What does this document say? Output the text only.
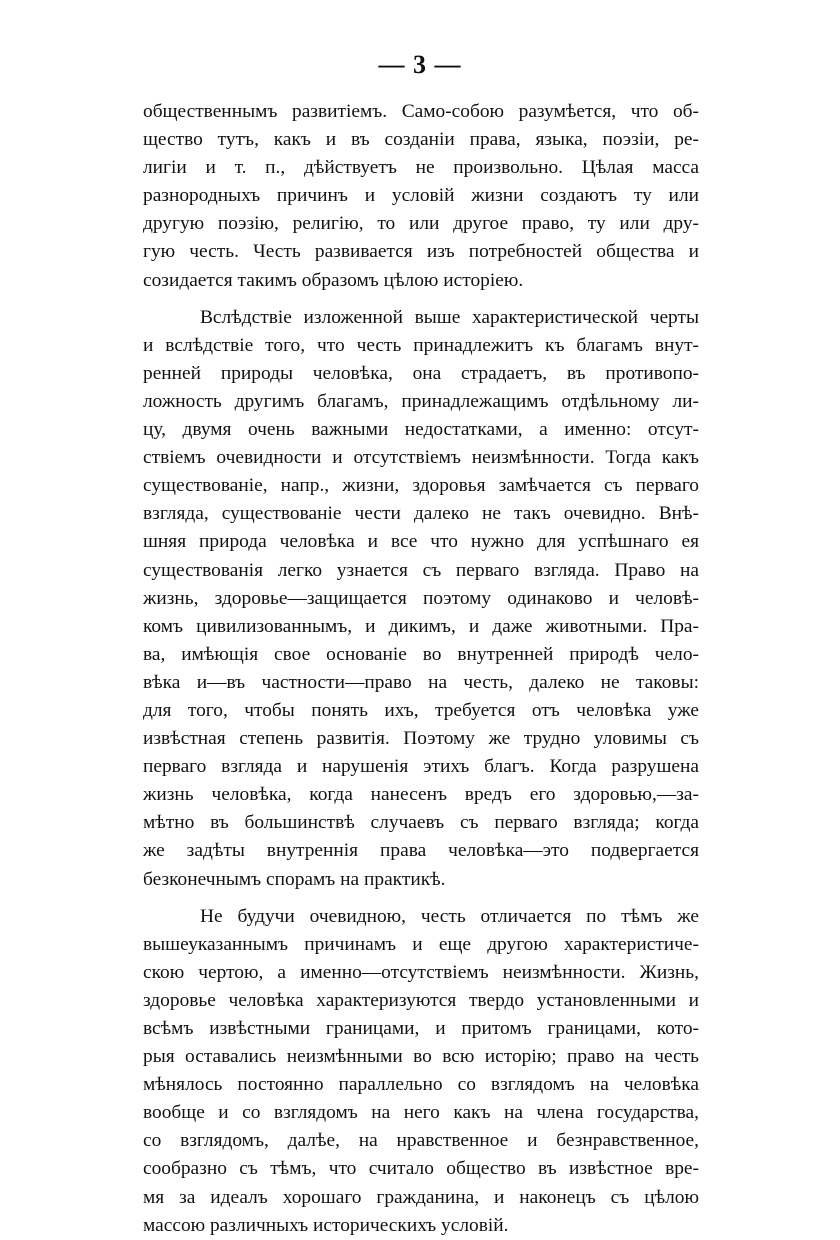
— 3 —
общественнымъ развитіемъ. Само-собою разумѣется, что об-
щество тутъ, какъ и въ созданіи права, языка, поэзіи, ре-
лигіи и т. п., дѣйствуетъ не произвольно. Цѣлая масса
разнородныхъ причинъ и условій жизни создаютъ ту или
другую поэзію, религію, то или другое право, ту или дру-
гую честь. Честь развивается изъ потребностей общества и
созидается такимъ образомъ цѣлою исторіею.
Вслѣдствіе изложенной выше характеристической черты
и вслѣдствіе того, что честь принадлежитъ къ благамъ внут-
ренней природы человѣка, она страдаетъ, въ противопо-
ложность другимъ благамъ, принадлежащимъ отдѣльному ли-
цу, двумя очень важными недостатками, а именно: отсут-
ствіемъ очевидности и отсутствіемъ неизмѣнности. Тогда какъ
существованіе, напр., жизни, здоровья замѣчается съ перваго
взгляда, существованіе чести далеко не такъ очевидно. Внѣ-
шняя природа человѣка и все что нужно для успѣшнаго ея
существованія легко узнается съ перваго взгляда. Право на
жизнь, здоровье—защищается поэтому одинаково и человѣ-
комъ цивилизованнымъ, и дикимъ, и даже животными. Пра-
ва, имѣющія свое основаніе во внутренней природѣ чело-
вѣка и—въ частности—право на честь, далеко не таковы:
для того, чтобы понять ихъ, требуется отъ человѣка уже
извѣстная степень развитія. Поэтому же трудно уловимы съ
перваго взгляда и нарушенія этихъ благъ. Когда разрушена
жизнь человѣка, когда нанесенъ вредъ его здоровью,—за-
мѣтно въ большинствѣ случаевъ съ перваго взгляда; когда
же задѣты внутреннія права человѣка—это подвергается
безконечнымъ спорамъ на практикѣ.
Не будучи очевидною, честь отличается по тѣмъ же
вышеуказаннымъ причинамъ и еще другою характеристиче-
скою чертою, а именно—отсутствіемъ неизмѣнности. Жизнь,
здоровье человѣка характеризуются твердо установленными и
всѣмъ извѣстными границами, и притомъ границами, кото-
рыя оставались неизмѣнными во всю исторію; право на честь
мѣнялось постоянно параллельно со взглядомъ на человѣка
вообще и со взглядомъ на него какъ на члена государства,
со взглядомъ, далѣе, на нравственное и безнравственное,
сообразно съ тѣмъ, что считало общество въ извѣстное вре-
мя за идеалъ хорошаго гражданина, и наконецъ съ цѣлою
массою различныхъ историческихъ условій.
